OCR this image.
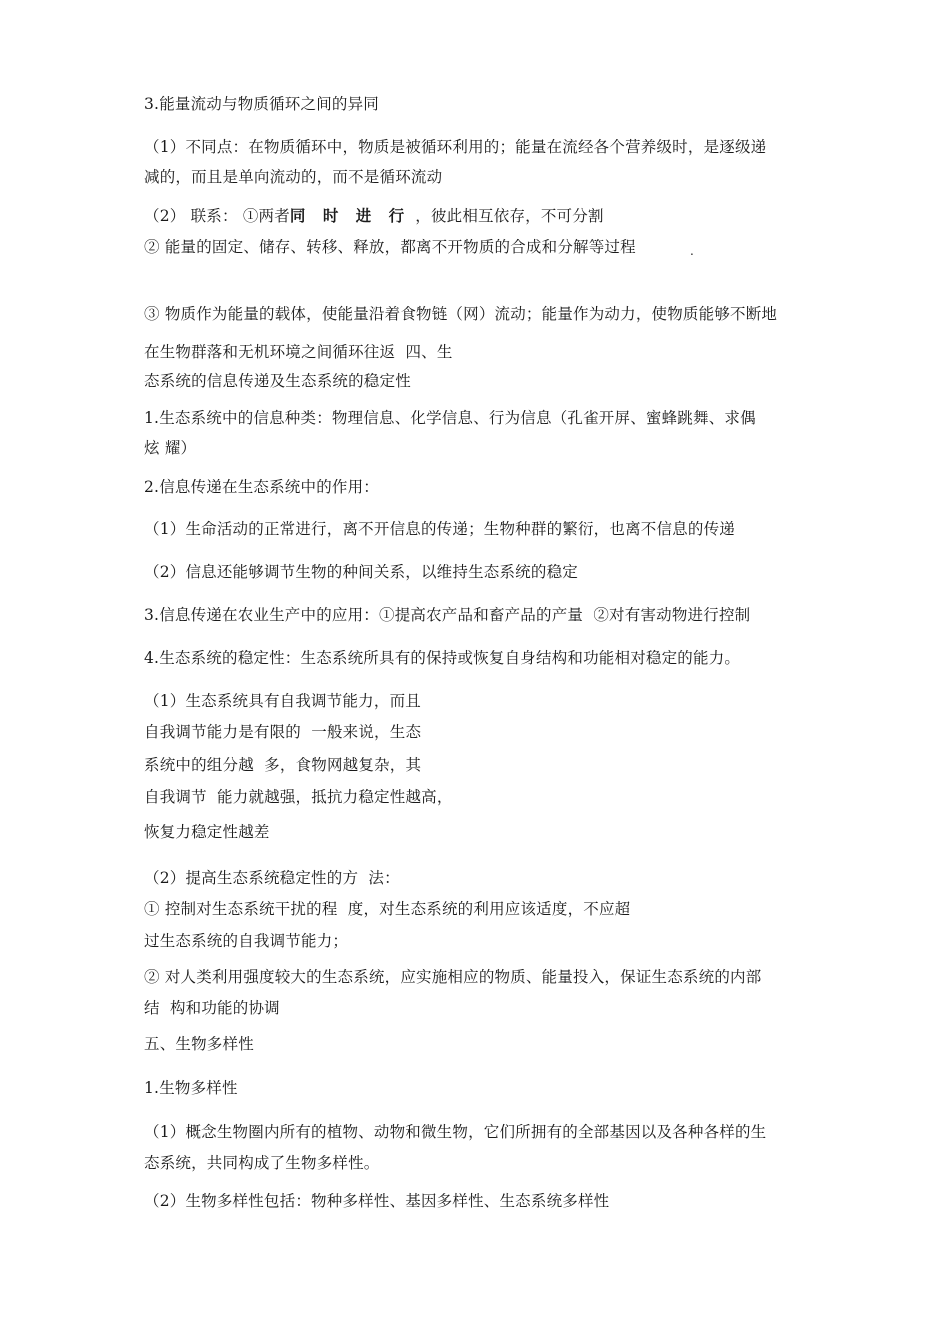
3.能量流动与物质循环之间的异同
（1）不同点：在物质循环中，物质是被循环利用的；能量在流经各个营养级时，是逐级递
减的，而且是单向流动的，而不是循环流动
（2） 联系： ①两者同 时 进 行 ，彼此相互依存，不可分割
② 能量的固定、储存、转移、释放，都离不开物质的合成和分解等过程	.
③ 物质作为能量的载体，使能量沿着食物链（网）流动；能量作为动力，使物质能够不断地
在生物群落和无机环境之间循环往返  四、生
态系统的信息传递及生态系统的稳定性
1.生态系统中的信息种类：物理信息、化学信息、行为信息（孔雀开屏、蜜蜂跳舞、求偶
炫 耀）
2.信息传递在生态系统中的作用：
（1）生命活动的正常进行，离不开信息的传递；生物种群的繁衍，也离不信息的传递
（2）信息还能够调节生物的种间关系，以维持生态系统的稳定
3.信息传递在农业生产中的应用：①提高农产品和畜产品的产量  ②对有害动物进行控制
4.生态系统的稳定性：生态系统所具有的保持或恢复自身结构和功能相对稳定的能力。
（1）生态系统具有自我调节能力，而且
自我调节能力是有限的  一般来说，生态
系统中的组分越  多，食物网越复杂，其
自我调节  能力就越强，抵抗力稳定性越高，
恢复力稳定性越差
（2）提高生态系统稳定性的方  法：
① 控制对生态系统干扰的程  度，对生态系统的利用应该适度，不应超
过生态系统的自我调节能力；
② 对人类利用强度较大的生态系统，应实施相应的物质、能量投入，保证生态系统的内部
结  构和功能的协调
五、生物多样性
1.生物多样性
（1）概念生物圈内所有的植物、动物和微生物，它们所拥有的全部基因以及各种各样的生
态系统，共同构成了生物多样性。
（2）生物多样性包括：物种多样性、基因多样性、生态系统多样性
